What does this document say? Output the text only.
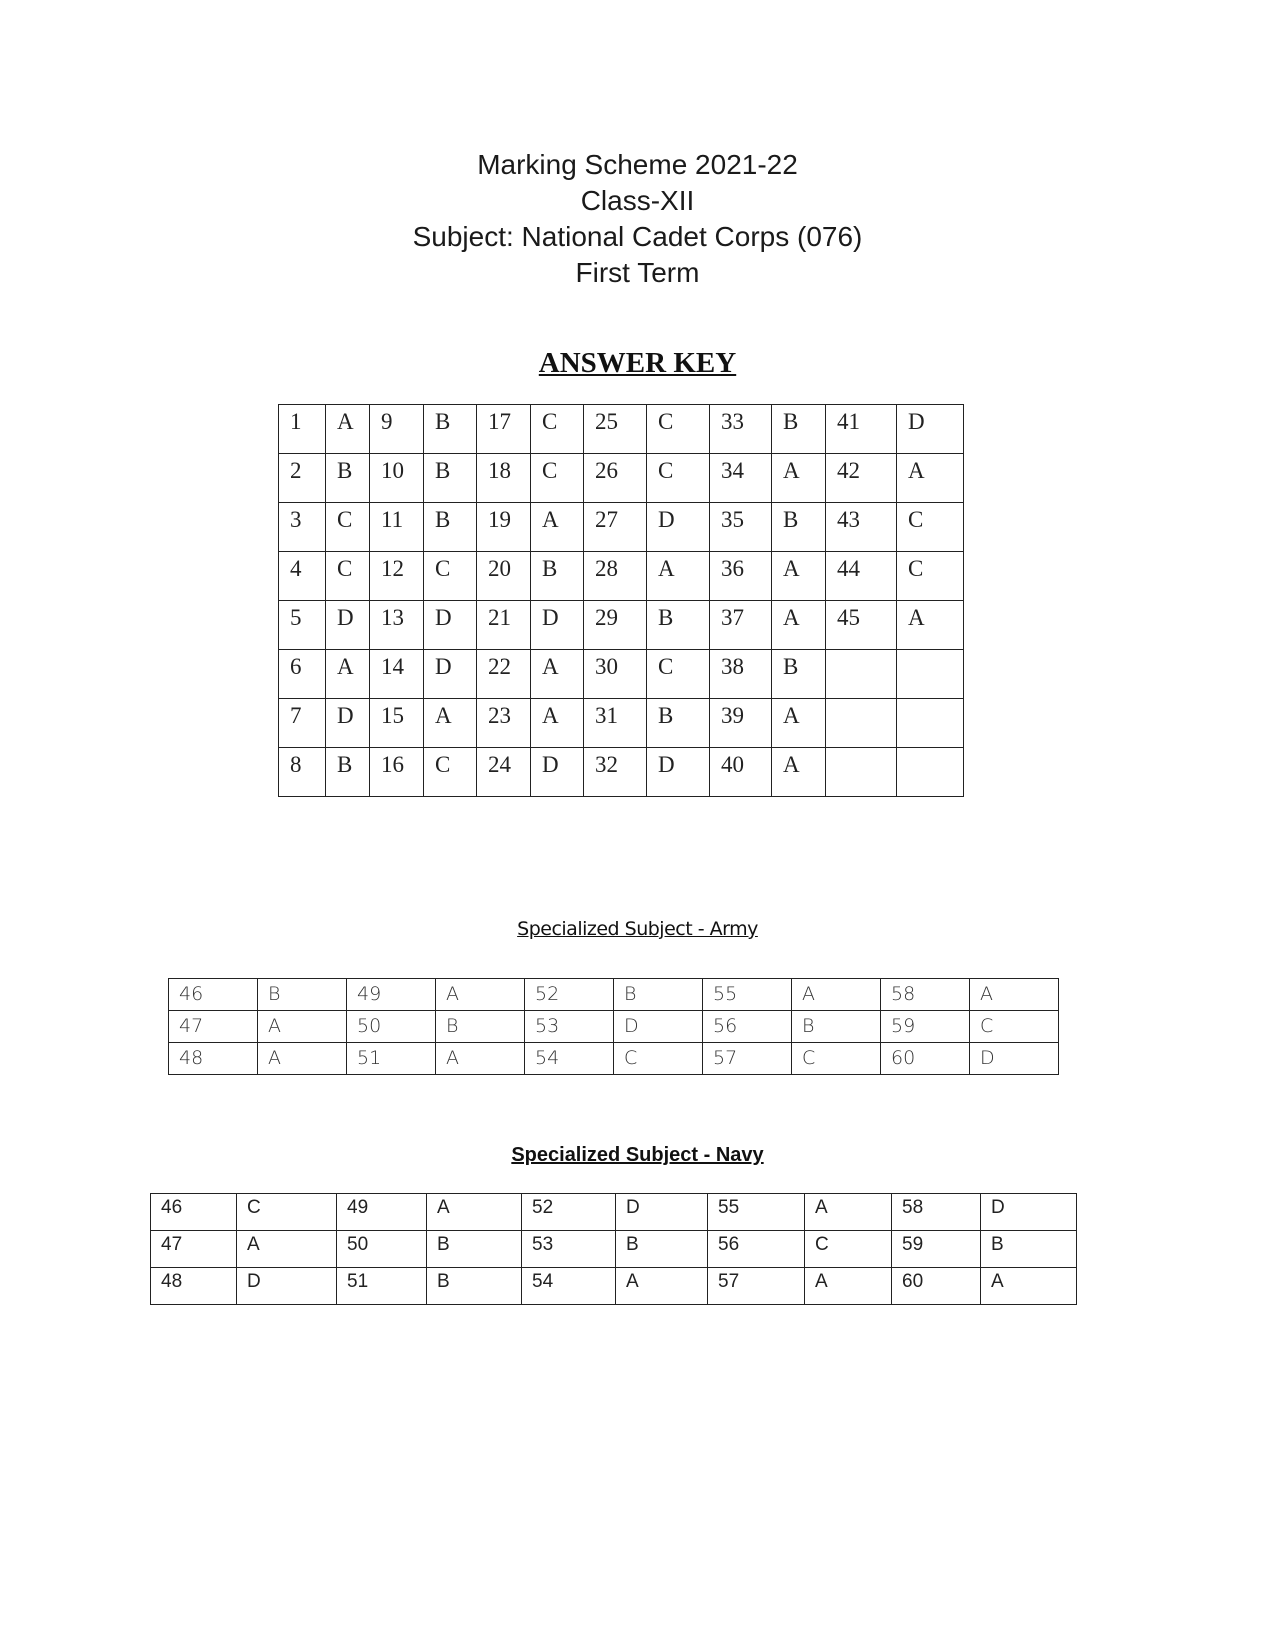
Marking Scheme 2021-22
Class-XII
Subject: National Cadet Corps (076)
First Term
ANSWER KEY
1	A	9	B	17	C	25	C	33	B	41	D
2	B	10	B	18	C	26	C	34	A	42	A
3	C	11	B	19	A	27	D	35	B	43	C
4	C	12	C	20	B	28	A	36	A	44	C
5	D	13	D	21	D	29	B	37	A	45	A
6	A	14	D	22	A	30	C	38	B		
7	D	15	A	23	A	31	B	39	A		
8	B	16	C	24	D	32	D	40	A		
Specialized Subject - Army
46	B	49	A	52	B	55	A	58	A
47	A	50	B	53	D	56	B	59	C
48	A	51	A	54	C	57	C	60	D
Specialized Subject - Navy
46	C	49	A	52	D	55	A	58	D
47	A	50	B	53	B	56	C	59	B
48	D	51	B	54	A	57	A	60	A
